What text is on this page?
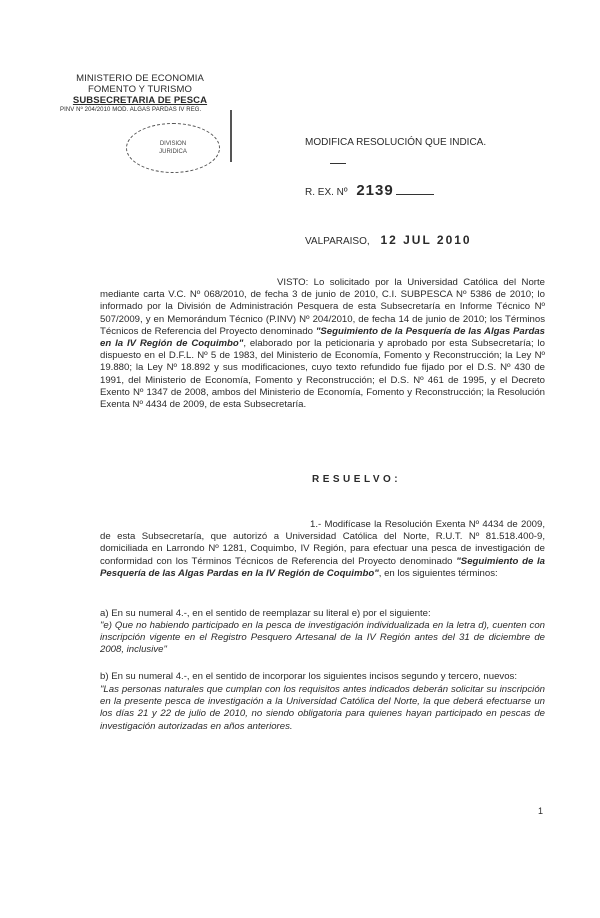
MINISTERIO DE ECONOMIA
FOMENTO Y TURISMO
SUBSECRETARIA DE PESCA
PINV Nº 204/2010 MOD. ALGAS PARDAS IV REG.
DIVISION
JURIDICA
MODIFICA RESOLUCIÓN QUE INDICA.
R. EX. Nº 2139
VALPARAISO, 12 JUL 2010

VISTO: Lo solicitado por la Universidad Católica del Norte mediante carta V.C. Nº 068/2010, de fecha 3 de junio de 2010, C.I. SUBPESCA Nº 5386 de 2010; lo informado por la División de Administración Pesquera de esta Subsecretaría en Informe Técnico Nº 507/2009, y en Memorándum Técnico (P.INV) Nº 204/2010, de fecha 14 de junio de 2010; los Términos Técnicos de Referencia del Proyecto denominado "Seguimiento de la Pesquería de las Algas Pardas en la IV Región de Coquimbo", elaborado por la peticionaria y aprobado por esta Subsecretaría; lo dispuesto en el D.F.L. Nº 5 de 1983, del Ministerio de Economía, Fomento y Reconstrucción; la Ley Nº 19.880; la Ley Nº 18.892 y sus modificaciones, cuyo texto refundido fue fijado por el D.S. Nº 430 de 1991, del Ministerio de Economía, Fomento y Reconstrucción; el D.S. Nº 461 de 1995, y el Decreto Exento Nº 1347 de 2008, ambos del Ministerio de Economía, Fomento y Reconstrucción; la Resolución Exenta Nº 4434 de 2009, de esta Subsecretaría.

RESUELVO:

1.- Modifícase la Resolución Exenta Nº 4434 de 2009, de esta Subsecretaría, que autorizó a Universidad Católica del Norte, R.U.T. Nº 81.518.400-9, domiciliada en Larrondo Nº 1281, Coquimbo, IV Región, para efectuar una pesca de investigación de conformidad con los Términos Técnicos de Referencia del Proyecto denominado "Seguimiento de la Pesquería de las Algas Pardas en la IV Región de Coquimbo", en los siguientes términos:

a) En su numeral 4.-, en el sentido de reemplazar su literal e) por el siguiente:

"e) Que no habiendo participado en la pesca de investigación individualizada en la letra d), cuenten con inscripción vigente en el Registro Pesquero Artesanal de la IV Región antes del 31 de diciembre de 2008, inclusive"

b) En su numeral 4.-, en el sentido de incorporar los siguientes incisos segundo y tercero, nuevos:

"Las personas naturales que cumplan con los requisitos antes indicados deberán solicitar su inscripción en la presente pesca de investigación a la Universidad Católica del Norte, la que deberá efectuarse un los días 21 y 22 de julio de 2010, no siendo obligatoria para quienes hayan participado en pescas de investigación autorizadas en años anteriores.

1
